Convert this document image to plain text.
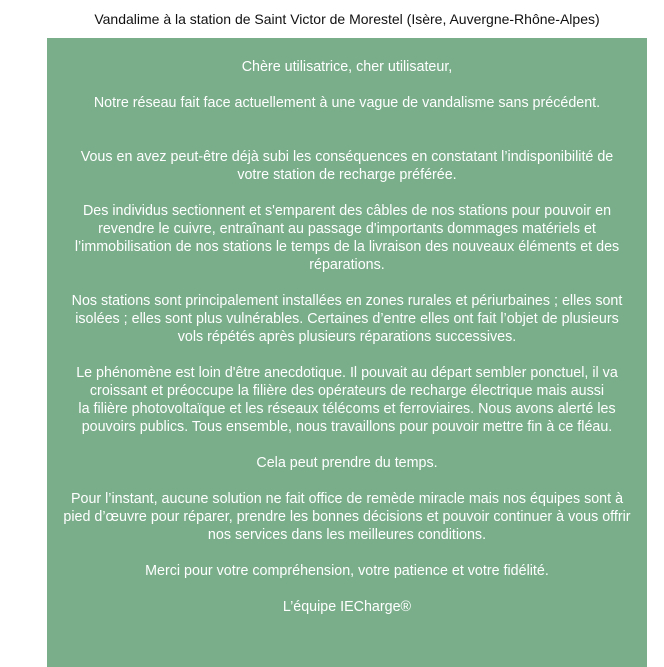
Vandalime à la station de Saint Victor de Morestel (Isère, Auvergne-Rhône-Alpes)

Chère utilisatrice, cher utilisateur,

Notre réseau fait face actuellement à une vague de vandalisme sans précédent.

Vous en avez peut-être déjà subi les conséquences en constatant l’indisponibilité de votre station de recharge préférée.

Des individus sectionnent et s'emparent des câbles de nos stations pour pouvoir en revendre le cuivre, entraînant au passage d'importants dommages matériels et l’immobilisation de nos stations le temps de la livraison des nouveaux éléments et des réparations.

Nos stations sont principalement installées en zones rurales et périurbaines ; elles sont isolées ; elles sont plus vulnérables. Certaines d’entre elles ont fait l’objet de plusieurs vols répétés après plusieurs réparations successives.

Le phénomène est loin d'être anecdotique. Il pouvait au départ sembler ponctuel, il va croissant et préoccupe la filière des opérateurs de recharge électrique mais aussi
la filière photovoltaïque et les réseaux télécoms et ferroviaires. Nous avons alerté les pouvoirs publics. Tous ensemble, nous travaillons pour pouvoir mettre fin à ce fléau.

Cela peut prendre du temps.

Pour l’instant, aucune solution ne fait office de remède miracle mais nos équipes sont à pied d’œuvre pour réparer, prendre les bonnes décisions et pouvoir continuer à vous offrir nos services dans les meilleures conditions.

Merci pour votre compréhension, votre patience et votre fidélité.

L’équipe IECharge®
